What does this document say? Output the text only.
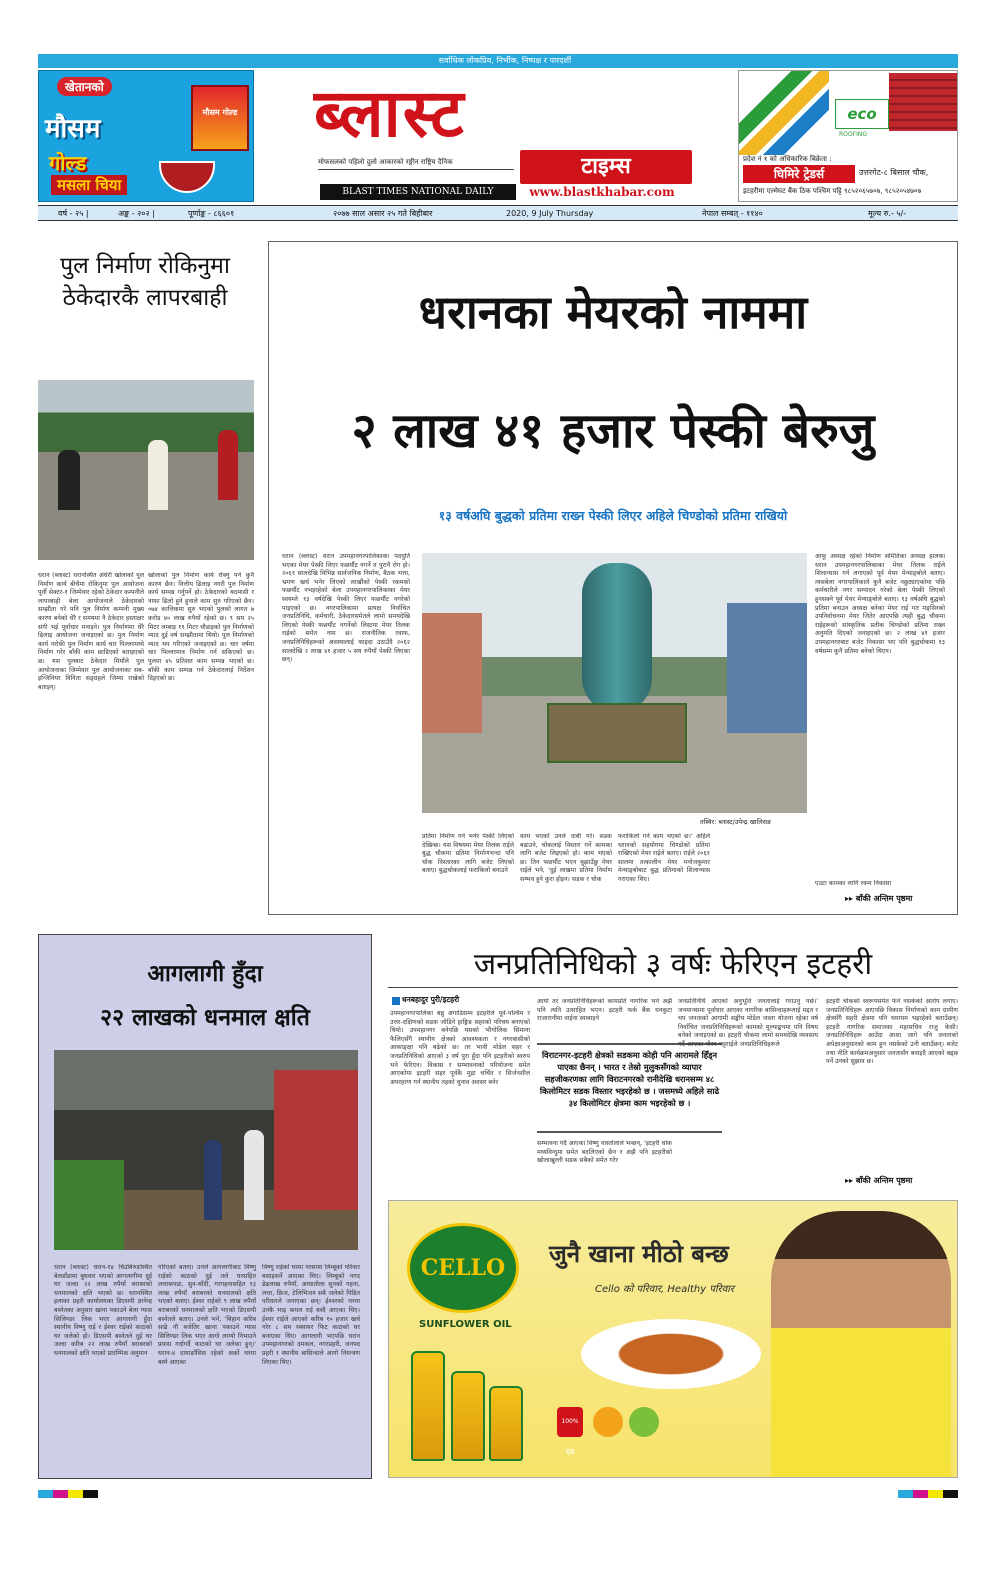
सर्वाधिक लोकप्रिय, निर्भीक, निष्पक्ष र पारदर्शी
खेतानको
मौसम
गोल्ड
मसला चिया
मौसम गोल्ड ब्लास्ट
मोफसलको पहिलो दुलो आकारको रङ्गीन राष्ट्रिय दैनिक	टाइम्स
BLAST TIMES NATIONAL DAILY	www.blastkhabar.com
eco
ROOFING
प्रदेश नं १ को अधिकारिक बिक्रेता :
घिमिरे ट्रेडर्स	उत्तरगेट-८ बिसाल चौक,
इटहरीमा एल्मेघट बैंक ठिक पश्चिम पट्टि ९८५२०६५७०७, ९८५२०५४७०७
वर्ष - २५ |	अङ्क - २०२ |	पूर्णाङ्क - ८६६०१	२०७७ साल असार २५ गते बिहीबार	2020, 9 July Thursday	नेपाल सम्बत् - ११४०	मूल्य रु.- ५/-
पुल निर्माण रोकिनुमा ठेकेदारकै लापरबाही
धरान (ब्लास्ट) धरानस्थित अंधेरी खोलाको पुल निर्माण कार्य बीचैमा रोकिनुमा पुल आयोजना पूर्वी सेक्टर-१ जिम्मेवार रहेको ठेकेदार कम्पनीले लापरबाही बेला आयोजनाले ठेकेदारको सम्झौता गरे पनि पुल निर्माण कम्पनी मुख्य कारण बनेको धेरै र समयमा नै ठेकेदार हस्ताक्षर संगी भई पूर्वाधार मनाइने। पुल निर्माणमा धेरै ढिलाइ आयोजना जनाइएको छ। पुल निर्माण कार्य नरोकी पुल निर्माण कार्य चार पिल्लरमध्ये निर्माण गरेर बाँकी काम छाडिएको बताइएको छ। यस पुलबाट ठेकेदार मियाँले पुल आयोजनाका जिम्मेवार पुल आयोजनाका सब-इन्जिनियर विनिता सङ्ग्रहले जिम्मा राखेको बताइन्।
खोलाको पुल निर्माण कार्य रोक्नु पर्ने कुनै कारण छैन। वित्तीय ढिलाइ नगरी पुल निर्माण कार्य सम्पन्न गर्नुपर्ने हो। ठेकेदारको बदमासी र नाफा ढिलो हुने हुनाले काम सुरु गरिएको छैन। ०७४ कात्तिकमा सुरु भएको पुलको लागत ७ करोड ४० लाख रुपैयाँ रहेको छ। ९ सय २५ मिटर लम्बाइ ११ मिटर चौडाइको पुल निर्माणको म्याद दुई वर्ष सम्झौतामा थियो। पुल निर्माणको म्याद थप गरिएको जनाइएको छ। चार वर्षमा चार पिल्लरमात्र निर्माण गर्न सकिएको छ। पुलमा ४५ प्रतिशत काम सम्पन्न भएको छ। बाँकी काम सम्पन्न गर्न ठेकेदारलाई निर्देशन दिइएको छ।
धरानका मेयरको नाममा
२ लाख ४१ हजार पेस्की बेरुजु
१३ वर्षअघि बुद्धको प्रतिमा राख्न पेस्की लिएर अहिले चिण्डोको प्रतिमा राखियो
धरान (ब्लास्ट) धरान उपमहानगरपालिकाका पदपुर्ति भएका मेयर पेस्की लिएर फछर्यौट नगर्ने त पुरानै रोग हो। २०६१ सालदेखि विभिन्न सार्वजनिक निर्माण, बैठक भत्ता, भ्रमण खर्च भनेर लिएको लाखौंको पेस्की रकमको फछर्यौट नभइरहेको बेला उपमहानगरपालिकाका मेयर स्वयम्ले १३ वर्षदेखि पेस्की लिएर फछर्यौट नगरेको पाइएको छ। नगरपालिकामा प्रत्यक्ष निर्वाचित जनप्रतिनिधि, कर्मचारी, ठेकेदारसमेतले लामो समयदेखि लिएको पेस्की फछर्यौट नगर्नेको लिस्टमा मेयर तिलक राईको समेत नाम छ। राजनीतिक रवाफ, जनप्रतिनिधिहरूको अवस्थालाई फाइदा उठाउँदै २०६२ सालदेखि २ लाख ४१ हजार ५ सय रुपैयाँ पेस्की लिएका छन्।
तस्विर: ब्लास्ट/उपेन्द्र खालिसङ
प्रतिमा निर्माण गर्ने भनेर पेस्की लिएको देखिन्छ। यस विषयमा मेयर तिलक राईले बुद्ध चौकमा प्रतिमा निर्माणभन्दा पनि चोक विस्तारका लागि बजेट लिएको बताए। बुद्धचोकलाई फराकिलो बनाउने
काम भएको उनले दाबी गरे। सडक बढाउने, चोकलाई विस्तार गर्ने कामका लागि बजेट लिइएको हो। काम भएको छ। तिन फछर्यौट भएन बुझाउँछु मेयर राईले भने, 'दुई लाखमा प्रतिमा निर्माण सम्भव हुने कुरा होइन। सडक र चोक
फराकिलो गर्ने काम भएको छ।' अहिले धरानको सहयोगमा चिण्डोको प्रतिमा राखिएको मेयर राईले बताए। राईले २०६१ सालमा तत्कालीन मेयर मनोजकुमार मेन्याङ्बोबाट बुद्ध प्रतिमाको शिलान्यास गराएका थिए।
आफू अध्यक्ष रहेको निर्माण समितिका अध्यक्ष हालका धरान उपमहानगरपालिकाका मेयर तिलक राईले शिलान्यास गर्न लगाएको पूर्व मेयर मेन्याङ्बोले बताए। त्यसबेला नगरपालिकाले कुनै बजेट नछुट्याएकोमा पछि कर्मचारीले नगर सम्पादन गरेको बेला पेस्की लिएको हुनसक्ने पूर्व मेयर मेन्याङ्बोले बताए। १३ वर्षअघि बुद्धको प्रतिमा बनाउन अध्यक्ष बनेका मेयर राई गत मङ्सिरको उपनिर्वाचनमा मेयर जितेर आएपछि त्यही बुद्ध चौकमा राईहरूको सांस्कृतिक प्रतीक चिण्डोको प्रतिमा राख्न अनुमति दिएको जनाइएको छ। २ लाख ४१ हजार उपमहानगरबाट बजेट निकासा भए पनि बुद्धचोकमा १३ वर्षसम्म कुनै प्रतिमा बनेको थिएन।
एउटा कामका लागि रकम निकासा
▸▸ बाँकी अन्तिम पृष्ठमा
आगलागी हुँदा
२२ लाखको धनमाल क्षति
धरान (ब्लास्ट) धरान-१४ चिउबिरुङस्थित बेलडाँडामा बुधवार भएको आगलागीमा दुई घर जल्दा २२ लाख रुपैयाँ बराबरको धनमालको क्षति भएको छ। धरानस्थित इलाका प्रहरी कार्यालयका डिएसपी ज्ञानेन्द्र बस्नेतका अनुसार खाना पकाउने बेला ग्यास सिलिण्डर लिक भएर आगलागी हुँदा स्थानीय विष्णु राई र ईश्वर राईको काठको घर जलेको हो। डिएसपी बस्नेतले दुई घर जल्दा करिब २२ लाख रुपैयाँ बराबरको धनमालको क्षति भएको प्रारम्भिक अनुमान
गरिएको बताए। उनले आगलागीबाट विष्णु राईको काठको दुई तले घरसहित लत्ताकपडा, सुन-चाँदी, गरगहनासहित १३ लाख रुपैयाँ बराबरको धनमालको क्षति भएको बताए। ईश्वर राईको ९ लाख रुपैयाँ बराबरको धनमालको क्षति भएको डिएसपी बस्नेतले बताए। उनले भने, 'बिहान करिब साढे नौ बजेतिर खाना पकाउने ग्यास सिलिण्डर लिक भएर आगो लाग्यो निभाउने प्रयास गर्दागर्दै काठको घर जलेका हुन्।' धरान-४ दायाङाँसिस रहेको अर्को घरमा बस्ने आएका
विष्णु राईको घरमा नरसाया लिम्बूको परिवार बसाइसर्ने आएका थिए। लिम्बूको नगद ढेढलाख रुपैयाँ, आधातोला सुनको गहना, लत्ता, फ्रिज, टेलिभिजन सबै जलेको पिडित परिवारले जनाएका छन्। ईश्वरको घरमा उनकै भाइ कमल राई बस्दै आएका थिए। ईश्वर राईले आएको करिब १० हजार खर्च गरेर ८ सय स्क्वायर फिट काठको घर बनाएका थिए। आगलागी भएपछि धरान उपमहानगरको दमकल, नगरप्रहरी, जनपद प्रहरी र स्थानीय बासिन्दाले आगो नियन्त्रण लिएका थिए।
जनप्रतिनिधिको ३ वर्षः फेरिएन इटहरी
धनबहादुर पुरी/इटहरी
उपमहानगरपालिका बन्नु अगाडिसम्म इटहरीले पूर्व-पश्चिम र उत्तर-दक्षिणको सडक जोडिने हाङ्गिङ सहरको परिचय बनाएको थियो। उपमहानगर बनेपछि यसको भौगोलिक सिमाना फैलिएसँगै स्थानीय क्षेत्रको आवश्यकता र नगरबासीको आकाङ्क्षा पनि बढेको छ। तर भावी मोडेल सहर र जनप्रतिनिधिको आएको ३ वर्ष पुरा हुँदा पनि इटहरीको स्वरुप भने फेरिएन। विकास र सम्भावनाको परियोजना समेत आएकोमा इटहरी सहर पूर्वकै मुद्रा चर्चित र सिर्जनशील अपरहरण गर्न स्थानीय तहको चुनाव अवसर बनेर
आयो तर जनप्रतिनिधिहरूको कामप्रति नागरिक भने अझै पनि त्यति उत्साहित भएन। इटहरी फर्क बैंक धनकुटा राजारानीमा वाईना स्वाबाइने
विराटनगर-इटहरी क्षेत्रको सडकमा कोही पनि आरामले हिँड्न पाएका छैनन् । भारत र तेस्रो मुलुकसँगको व्यापार सहजीकरणका लागि विराटनगरको रानीदेखि धरानसम्म ४८ किलोमिटर सडक विस्तार भइरहेको छ । जसमध्ये अहिले साढे ३४ किलोमिटर क्षेत्रमा काम भइरहेको छ ।
सम्भावना गर्दै आएका विष्णु वास्तोलाले भन्छन्, 'इटहरी चोक मध्यविन्दुमा समेत बदलिएको छैन र अझै पनि इटहरीको खोलाखुल्ती सडक सबैको समेत गरेर
जनप्रतिनिधि आएको अनुभूति जनतालाई गराउनु पर्छ।' जनमानसमा पूर्वाधार आएका नागरिक बासिन्दाहरूलाई मद्दत र थप जनताको आगामी सङ्घीय मोडेल जस्ता योजना रहेका वर्ष निर्वाचित जनप्रतिनिधिहरूको कामको मूल्याङ्कनमा पनि विषय बनेको जनाइएको छ। इटहरी चौकमा लामो समयदेखि व्यवसाय गर्दै आएका गौरव भट्टराईले जनप्रतिनिधिहरूले
इटहरी चोकको स्वरूपसमेत फेर्न नसकेको आरोप लगाए। जनप्रतिनिधिहरू आएपछि विकास निर्माणको काम ग्रामीण क्षेत्रसँगै सहरी क्षेत्रमा पनि धमाधम भइरहेको बताउँछन्। इटहरी नागरिक समाजका महासचिव राजु केसी। जनप्रतिनिधिहरू आउँदा आशा जागे पनि जनताको अपेक्षाअनुसारको काम हुन नसकेको उनी बताउँछन्। बजेट तथा नीति कार्यक्रमअनुसार जनतासँग बनाइदै आएको बढ्छ पर्ने उनको सुझाव छ।
▸▸ बाँकी अन्तिम पृष्ठमा
CELLO
SUNFLOWER OIL
जुनै खाना मीठो बन्छ
Cello को परिवार, Healthy परिवार
100% शुद्ध
